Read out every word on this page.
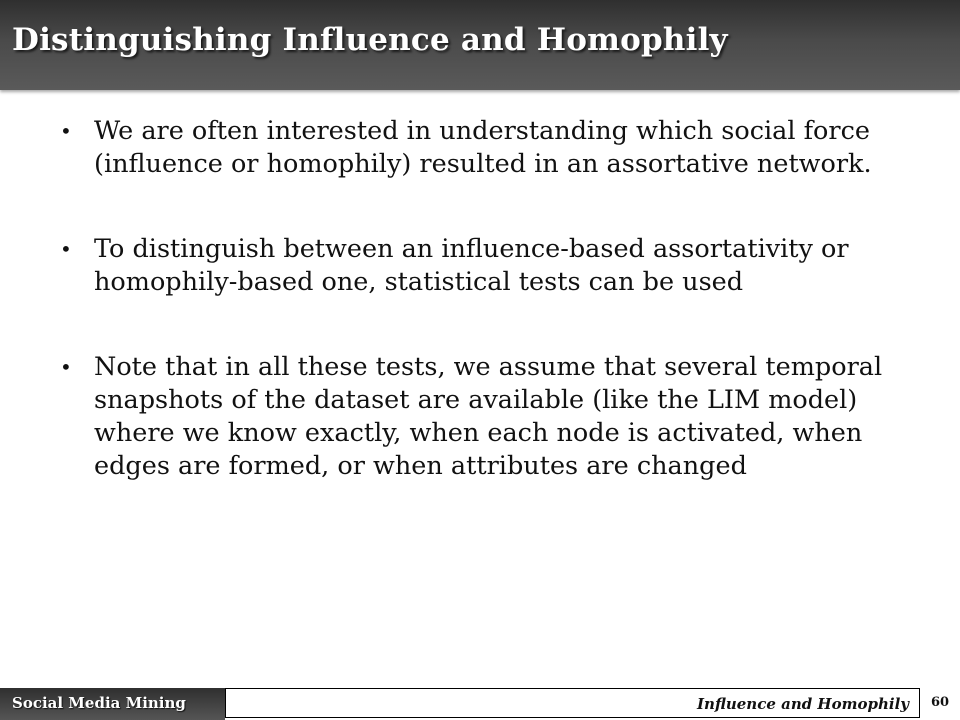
Distinguishing Influence and Homophily
• We are often interested in understanding which social force (influence or homophily) resulted in an assortative network.
• To distinguish between an influence-based assortativity or homophily-based one, statistical tests can be used
• Note that in all these tests, we assume that several temporal snapshots of the dataset are available (like the LIM model) where we know exactly, when each node is activated, when edges are formed, or when attributes are changed
Social Media Mining	Influence and Homophily	60
